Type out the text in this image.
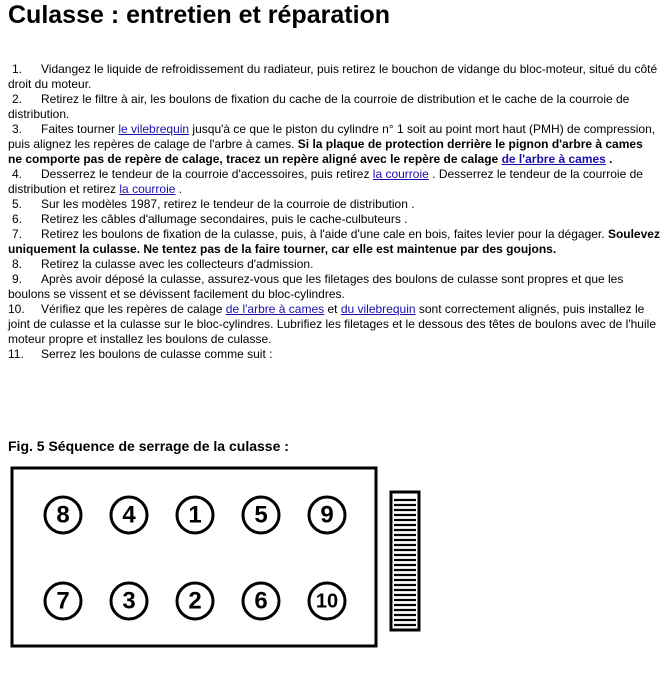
Culasse : entretien et réparation

1. Vidangez le liquide de refroidissement du radiateur, puis retirez le bouchon de vidange du bloc-moteur, situé du côté droit du moteur.

2. Retirez le filtre à air, les boulons de fixation du cache de la courroie de distribution et le cache de la courroie de distribution.

3. Faites tourner le vilebrequin jusqu'à ce que le piston du cylindre n° 1 soit au point mort haut (PMH) de compression, puis alignez les repères de calage de l'arbre à cames. Si la plaque de protection derrière le pignon d'arbre à cames ne comporte pas de repère de calage, tracez un repère aligné avec le repère de calage de l'arbre à cames .

4. Desserrez le tendeur de la courroie d'accessoires, puis retirez la courroie . Desserrez le tendeur de la courroie de distribution et retirez la courroie .

5. Sur les modèles 1987, retirez le tendeur de la courroie de distribution .

6. Retirez les câbles d'allumage secondaires, puis le cache-culbuteurs .

7. Retirez les boulons de fixation de la culasse, puis, à l'aide d'une cale en bois, faites levier pour la dégager. Soulevez uniquement la culasse. Ne tentez pas de la faire tourner, car elle est maintenue par des goujons.

8. Retirez la culasse avec les collecteurs d'admission.

9. Après avoir déposé la culasse, assurez-vous que les filetages des boulons de culasse sont propres et que les boulons se vissent et se dévissent facilement du bloc-cylindres.

10. Vérifiez que les repères de calage de l'arbre à cames et du vilebrequin sont correctement alignés, puis installez le joint de culasse et la culasse sur le bloc-cylindres. Lubrifiez les filetages et le dessous des têtes de boulons avec de l'huile moteur propre et installez les boulons de culasse.

11. Serrez les boulons de culasse comme suit :

Fig. 5 Séquence de serrage de la culasse :

8 4 1 5 9
7 3 2 6 10
